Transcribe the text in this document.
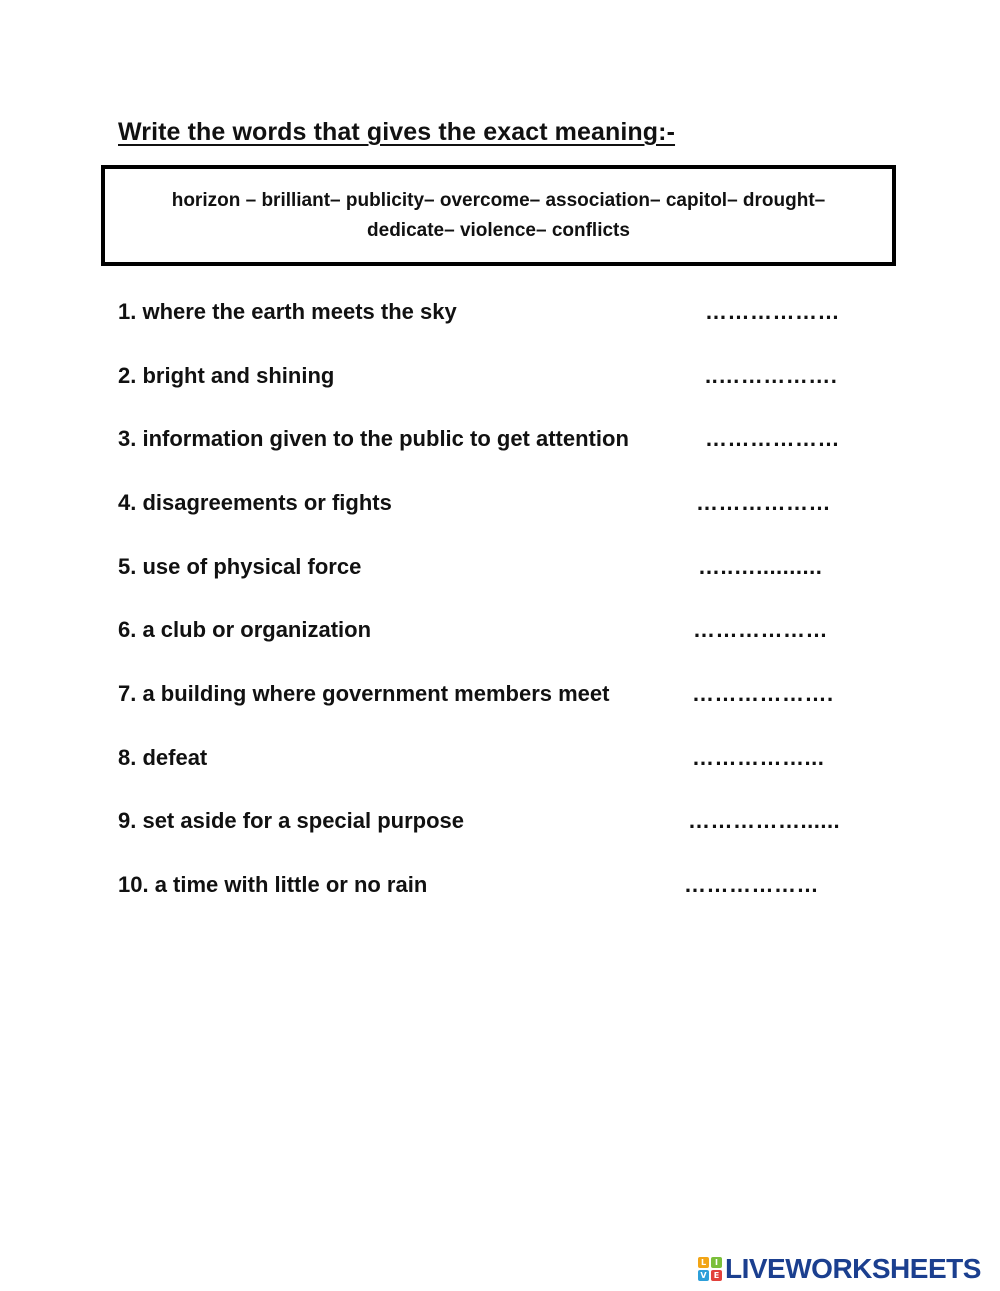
Write the words that gives the exact meaning:-
horizon – brilliant– publicity– overcome– association– capitol– drought–
dedicate– violence– conflicts
1. where the earth meets the sky	………………
2. bright and shining	..…………….
3. information given to the public to get attention	………………
4. disagreements or fights	………………
5. use of physical force	…..…..........
6. a club or organization	………………
7. a building where government members meet	……………….
8. defeat	……………...
9. set aside for a special purpose	……………......
10. a time with little or no rain	………………
L	I
V E LIVEWORKSHEETS
